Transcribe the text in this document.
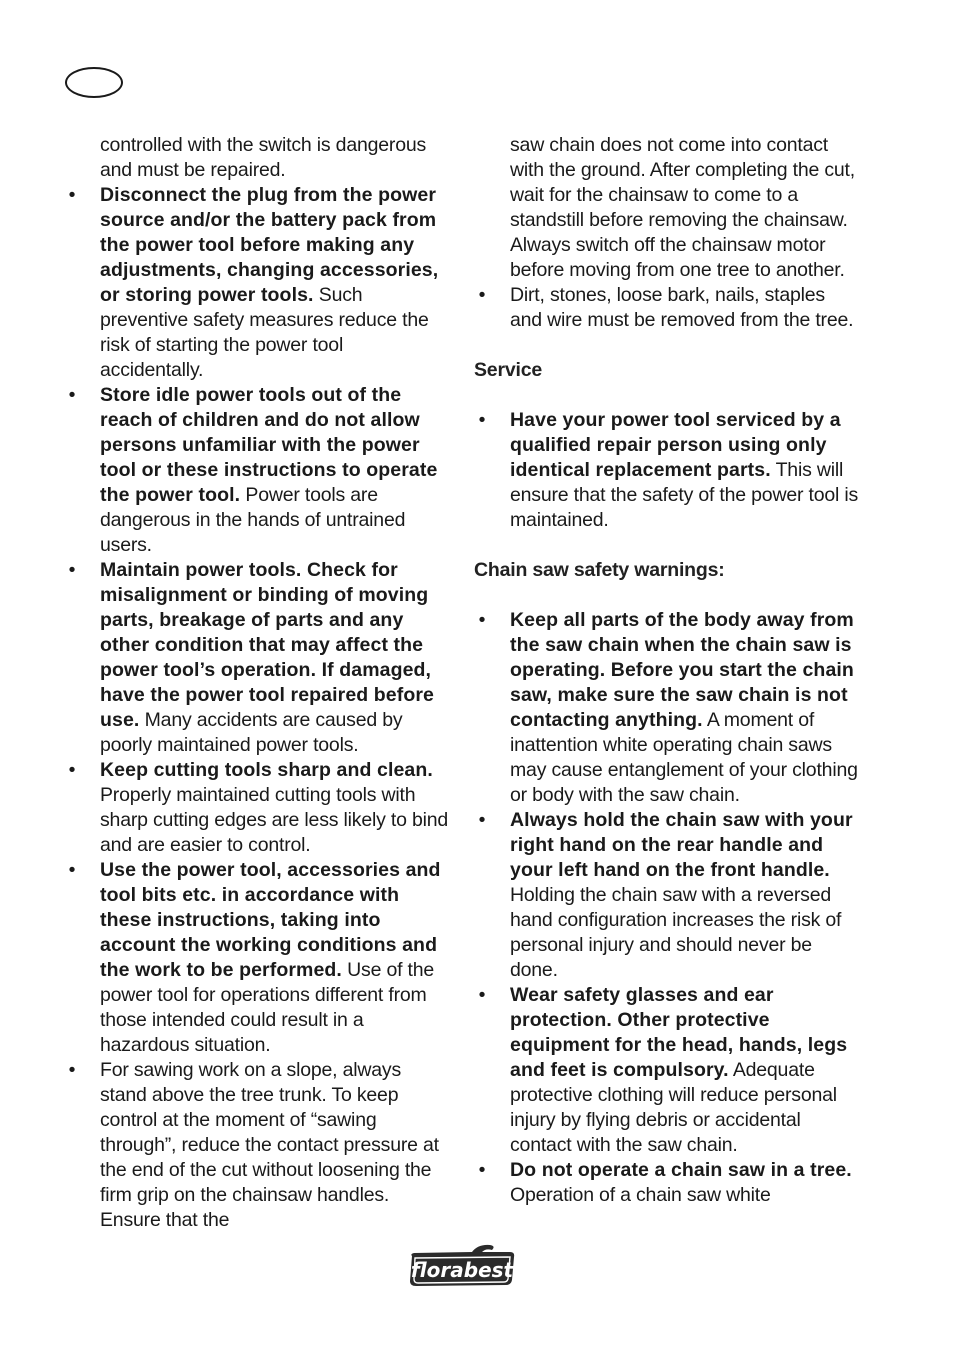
controlled with the switch is dangerous and must be repaired.

• Disconnect the plug from the power source and/or the battery pack from the power tool before making any adjustments, changing accessories, or storing power tools. Such preventive safety measures reduce the risk of starting the power tool accidentally.

• Store idle power tools out of the reach of children and do not allow persons unfamiliar with the power tool or these instructions to operate the power tool. Power tools are dangerous in the hands of untrained users.

• Maintain power tools. Check for misalignment or binding of moving parts, breakage of parts and any other condition that may affect the power tool’s operation. If damaged, have the power tool repaired before use. Many accidents are caused by poorly maintained power tools.

• Keep cutting tools sharp and clean. Properly maintained cutting tools with sharp cutting edges are less likely to bind and are easier to control.

• Use the power tool, accessories and tool bits etc. in accordance with these instructions, taking into account the working conditions and the work to be performed. Use of the power tool for operations different from those intended could result in a hazardous situation.

• For sawing work on a slope, always stand above the tree trunk. To keep control at the moment of “sawing through”, reduce the contact pressure at the end of the cut without loosening the firm grip on the chainsaw handles. Ensure that the

saw chain does not come into contact with the ground. After completing the cut, wait for the chainsaw to come to a standstill before removing the chainsaw. Always switch off the chainsaw motor before moving from one tree to another.

• Dirt, stones, loose bark, nails, staples and wire must be removed from the tree.

Service

• Have your power tool serviced by a qualified repair person using only identical replacement parts. This will ensure that the safety of the power tool is maintained.

Chain saw safety warnings:

• Keep all parts of the body away from the saw chain when the chain saw is operating. Before you start the chain saw, make sure the saw chain is not contacting anything. A moment of inattention white operating chain saws may cause entanglement of your clothing or body with the saw chain.

• Always hold the chain saw with your right hand on the rear handle and your left hand on the front handle. Holding the chain saw with a reversed hand configuration increases the risk of personal injury and should never be done.

• Wear safety glasses and ear protection. Other protective equipment for the head, hands, legs and feet is compulsory. Adequate protective clothing will reduce personal injury by flying debris or accidental contact with the saw chain.

• Do not operate a chain saw in a tree. Operation of a chain saw white

florabest
